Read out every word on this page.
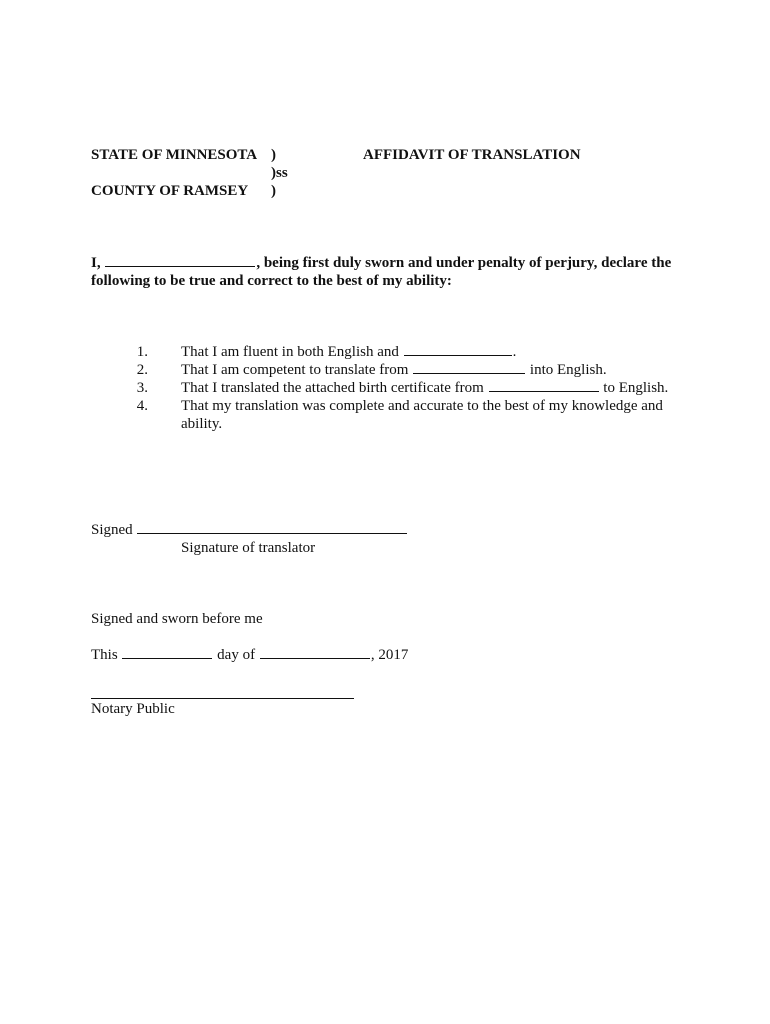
STATE OF MINNESOTA )
)ss
COUNTY OF RAMSEY )
AFFIDAVIT OF TRANSLATION
I,	, being first duly sworn and under penalty of perjury, declare the
following to be true and correct to the best of my ability:
1. That I am fluent in both English and	.
2. That I am competent to translate from	into English.
3. That I translated the attached birth certificate from	to English.
4. That my translation was complete and accurate to the best of my knowledge and
ability.
Signed
Signature of translator
Signed and sworn before me
This	day of	, 2017
Notary Public
